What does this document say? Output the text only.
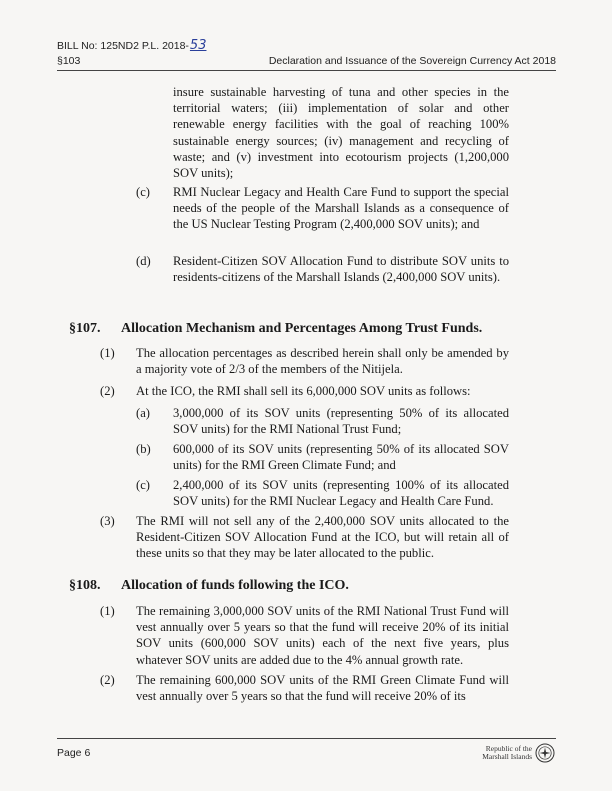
BILL No: 125ND2 P.L. 2018-53
§103	Declaration and Issuance of the Sovereign Currency Act 2018
insure sustainable harvesting of tuna and other species in the territorial waters; (iii) implementation of solar and other renewable energy facilities with the goal of reaching 100% sustainable energy sources; (iv) management and recycling of waste; and (v) investment into ecotourism projects (1,200,000 SOV units);
(c) RMI Nuclear Legacy and Health Care Fund to support the special needs of the people of the Marshall Islands as a consequence of the US Nuclear Testing Program (2,400,000 SOV units); and
(d) Resident-Citizen SOV Allocation Fund to distribute SOV units to residents-citizens of the Marshall Islands (2,400,000 SOV units).
§107. Allocation Mechanism and Percentages Among Trust Funds.
(1) The allocation percentages as described herein shall only be amended by a majority vote of 2/3 of the members of the Nitijela.
(2) At the ICO, the RMI shall sell its 6,000,000 SOV units as follows:
(a) 3,000,000 of its SOV units (representing 50% of its allocated SOV units) for the RMI National Trust Fund;
(b) 600,000 of its SOV units (representing 50% of its allocated SOV units) for the RMI Green Climate Fund; and
(c) 2,400,000 of its SOV units (representing 100% of its allocated SOV units) for the RMI Nuclear Legacy and Health Care Fund.
(3) The RMI will not sell any of the 2,400,000 SOV units allocated to the Resident-Citizen SOV Allocation Fund at the ICO, but will retain all of these units so that they may be later allocated to the public.
§108. Allocation of funds following the ICO.
(1) The remaining 3,000,000 SOV units of the RMI National Trust Fund will vest annually over 5 years so that the fund will receive 20% of its initial SOV units (600,000 SOV units) each of the next five years, plus whatever SOV units are added due to the 4% annual growth rate.
(2) The remaining 600,000 SOV units of the RMI Green Climate Fund will vest annually over 5 years so that the fund will receive 20% of its
Page 6	Republic of the
Marshall Islands
